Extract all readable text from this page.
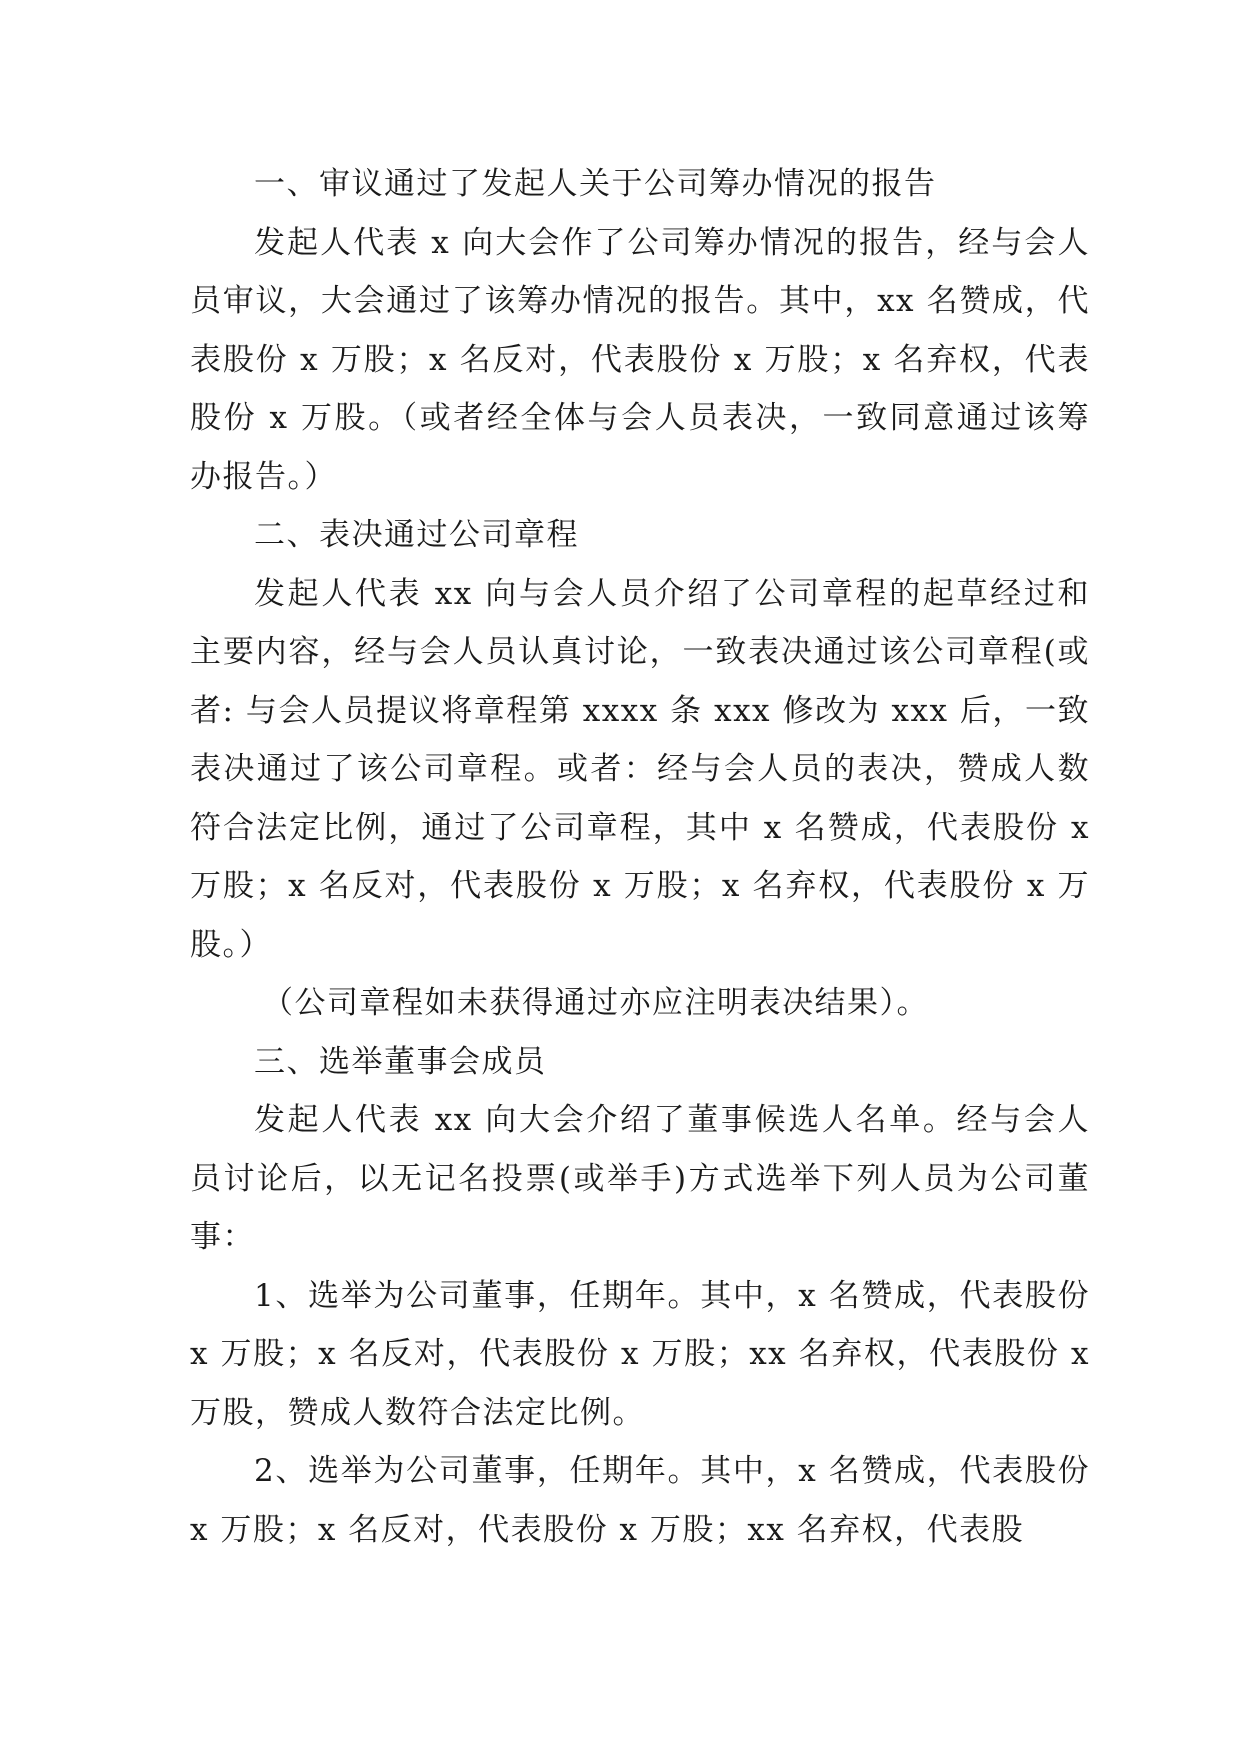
一、审议通过了发起人关于公司筹办情况的报告

发起人代表 x 向大会作了公司筹办情况的报告，经与会人员审议，大会通过了该筹办情况的报告。其中，xx 名赞成，代表股份 x 万股；x 名反对，代表股份 x 万股；x 名弃权，代表股份 x 万股。（或者经全体与会人员表决，一致同意通过该筹办报告。）

二、表决通过公司章程

发起人代表 xx 向与会人员介绍了公司章程的起草经过和主要内容，经与会人员认真讨论，一致表决通过该公司章程(或者: 与会人员提议将章程第 xxxx 条 xxx 修改为 xxx 后，一致表决通过了该公司章程。或者：经与会人员的表决，赞成人数符合法定比例，通过了公司章程，其中 x 名赞成，代表股份 x 万股；x 名反对，代表股份 x 万股；x 名弃权，代表股份 x 万股。）

（公司章程如未获得通过亦应注明表决结果）。

三、选举董事会成员

发起人代表 xx 向大会介绍了董事候选人名单。经与会人员讨论后，以无记名投票(或举手)方式选举下列人员为公司董事：

1、选举为公司董事，任期年。其中，x 名赞成，代表股份 x 万股；x 名反对，代表股份 x 万股；xx 名弃权，代表股份 x 万股，赞成人数符合法定比例。

2、选举为公司董事，任期年。其中，x 名赞成，代表股份 x 万股；x 名反对，代表股份 x 万股；xx 名弃权，代表股
